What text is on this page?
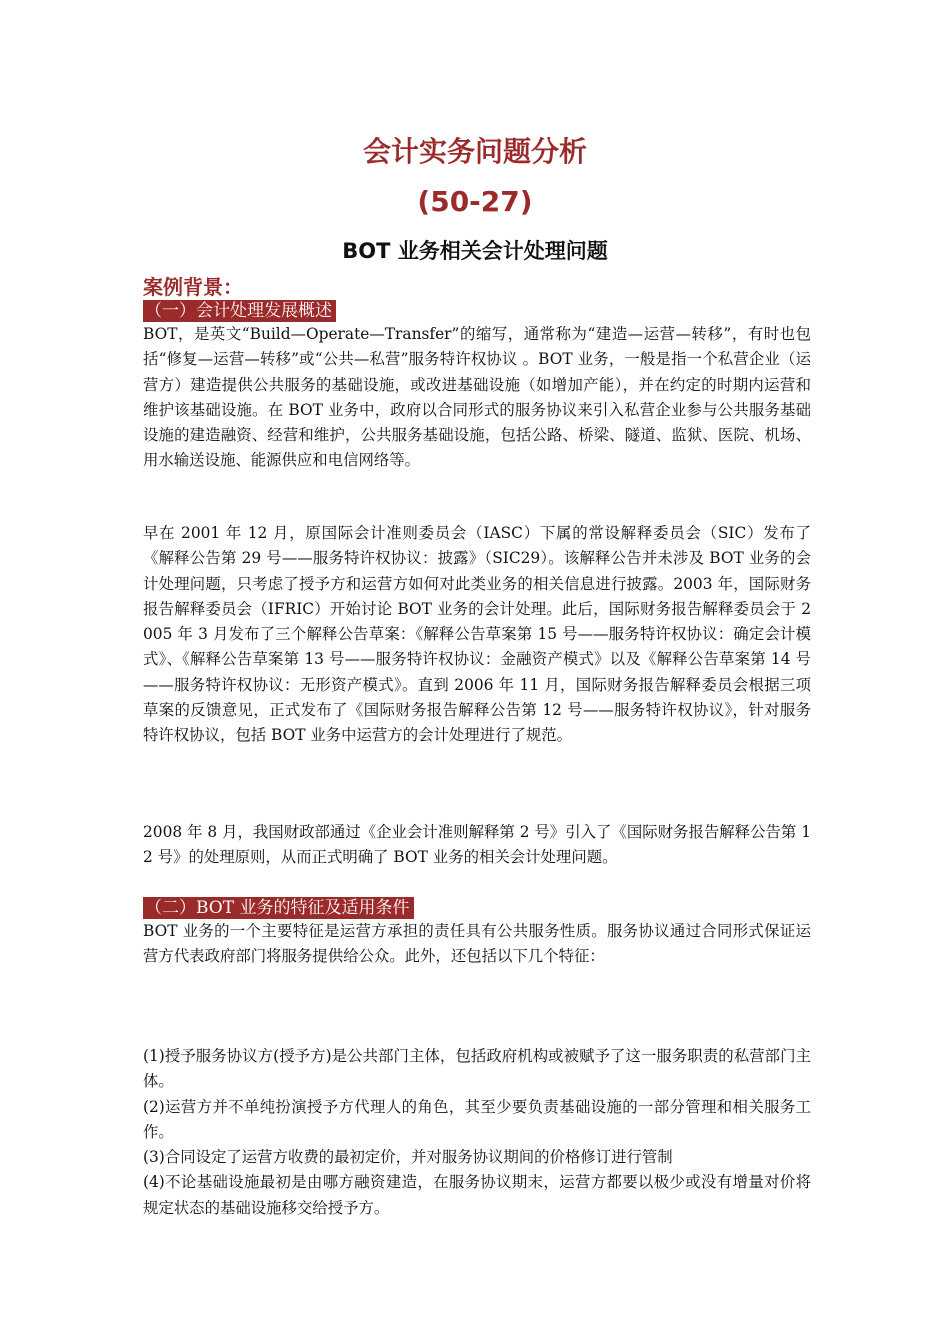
会计实务问题分析
(50-27)
BOT 业务相关会计处理问题
案例背景：
（一）会计处理发展概述

BOT，是英文“Build—Operate—Transfer”的缩写，通常称为“建造—运营—转移”，有时也包括“修复—运营—转移”或“公共—私营”服务特许权协议 。BOT 业务，一般是指一个私营企业（运营方）建造提供公共服务的基础设施，或改进基础设施（如增加产能），并在约定的时期内运营和维护该基础设施。在 BOT 业务中，政府以合同形式的服务协议来引入私营企业参与公共服务基础设施的建造融资、经营和维护，公共服务基础设施，包括公路、桥梁、隧道、监狱、医院、机场、用水输送设施、能源供应和电信网络等。

早在 2001 年 12 月，原国际会计准则委员会（IASC）下属的常设解释委员会（SIC）发布了《解释公告第 29 号——服务特许权协议：披露》（SIC29）。该解释公告并未涉及 BOT 业务的会计处理问题，只考虑了授予方和运营方如何对此类业务的相关信息进行披露。2003 年，国际财务报告解释委员会（IFRIC）开始讨论 BOT 业务的会计处理。此后，国际财务报告解释委员会于 2005 年 3 月发布了三个解释公告草案：《解释公告草案第 15 号——服务特许权协议：确定会计模式》、《解释公告草案第 13 号——服务特许权协议：金融资产模式》以及《解释公告草案第 14 号——服务特许权协议：无形资产模式》。直到 2006 年 11 月，国际财务报告解释委员会根据三项草案的反馈意见，正式发布了《国际财务报告解释公告第 12 号——服务特许权协议》，针对服务特许权协议，包括 BOT 业务中运营方的会计处理进行了规范。

2008 年 8 月，我国财政部通过《企业会计准则解释第 2 号》引入了《国际财务报告解释公告第 12 号》的处理原则，从而正式明确了 BOT 业务的相关会计处理问题。

（二）BOT 业务的特征及适用条件

BOT 业务的一个主要特征是运营方承担的责任具有公共服务性质。服务协议通过合同形式保证运营方代表政府部门将服务提供给公众。此外，还包括以下几个特征：

(1)授予服务协议方(授予方)是公共部门主体，包括政府机构或被赋予了这一服务职责的私营部门主体。
(2)运营方并不单纯扮演授予方代理人的角色，其至少要负责基础设施的一部分管理和相关服务工作。
(3)合同设定了运营方收费的最初定价，并对服务协议期间的价格修订进行管制
(4)不论基础设施最初是由哪方融资建造，在服务协议期末，运营方都要以极少或没有增量对价将规定状态的基础设施移交给授予方。
